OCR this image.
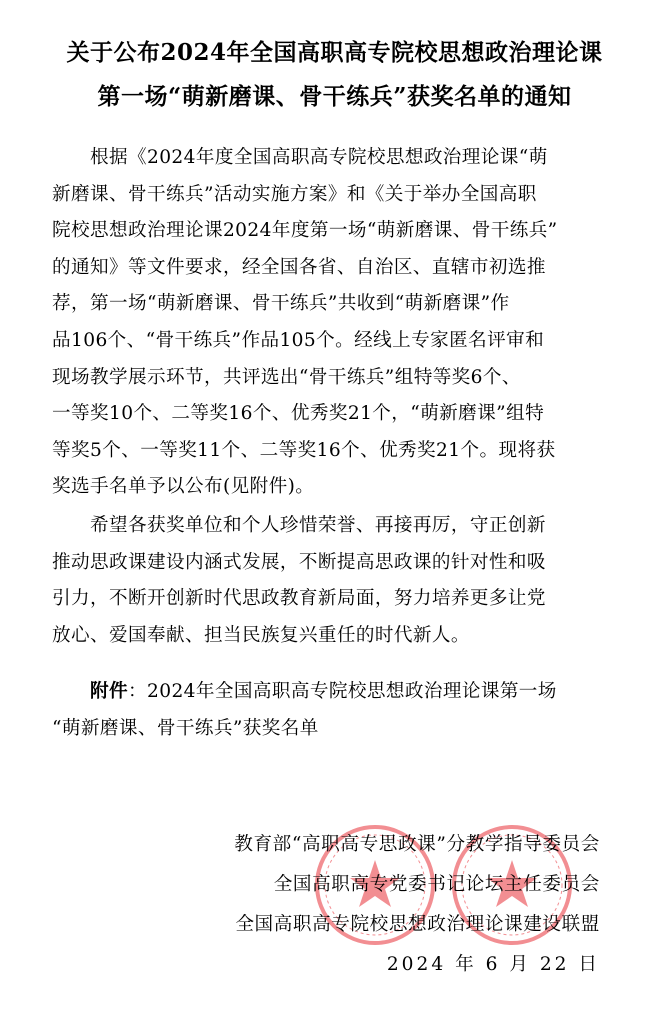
关于公布2024年全国高职高专院校思想政治理论课
第一场“萌新磨课、骨干练兵”获奖名单的通知
　　根据《2024年度全国高职高专院校思想政治理论课“萌
新磨课、骨干练兵”活动实施方案》和《关于举办全国高职
院校思想政治理论课2024年度第一场“萌新磨课、骨干练兵”
的通知》等文件要求，经全国各省、自治区、直辖市初选推
荐，第一场“萌新磨课、骨干练兵”共收到“萌新磨课”作
品106个、“骨干练兵”作品105个。经线上专家匿名评审和
现场教学展示环节，共评选出“骨干练兵”组特等奖6个、
一等奖10个、二等奖16个、优秀奖21个，“萌新磨课”组特
等奖5个、一等奖11个、二等奖16个、优秀奖21个。现将获
奖选手名单予以公布(见附件)。
　　希望各获奖单位和个人珍惜荣誉、再接再厉，守正创新
推动思政课建设内涵式发展，不断提高思政课的针对性和吸
引力，不断开创新时代思政教育新局面，努力培养更多让党
放心、爱国奉献、担当民族复兴重任的时代新人。
　　附件：2024年全国高职高专院校思想政治理论课第一场
“萌新磨课、骨干练兵”获奖名单
教育部“高职高专思政课”分教学指导委员会
全国高职高专党委书记论坛主任委员会
全国高职高专院校思想政治理论课建设联盟
2024 年 6 月 22 日
